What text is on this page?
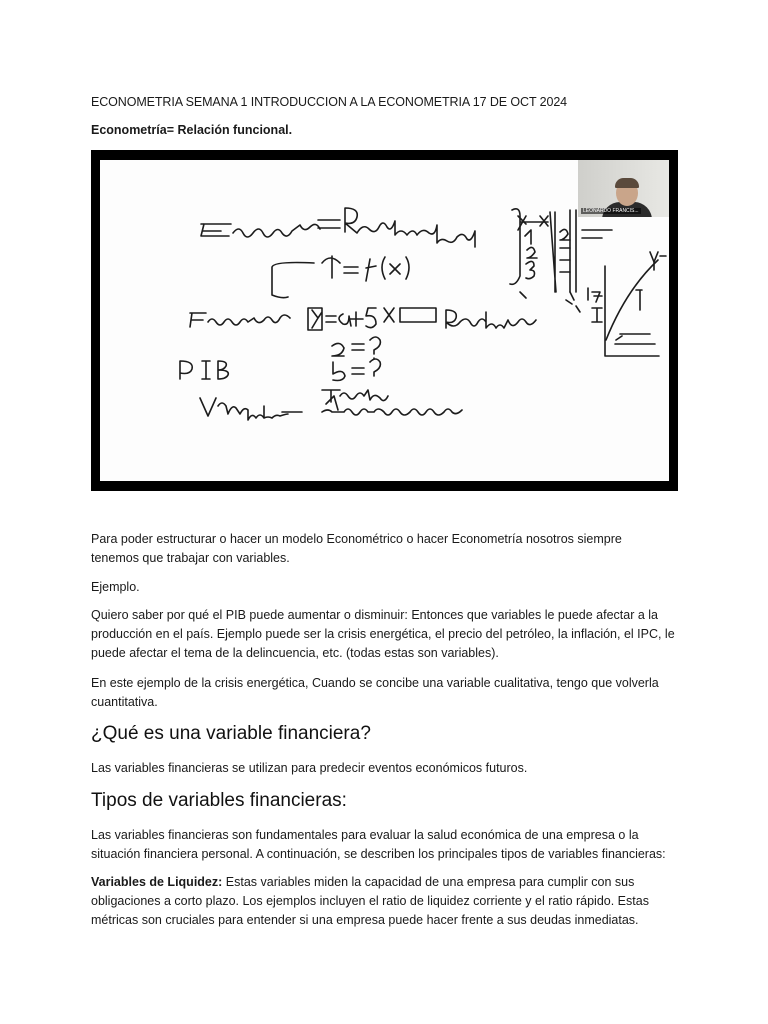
ECONOMETRIA SEMANA 1 INTRODUCCION A LA ECONOMETRIA 17 DE OCT 2024
Econometría= Relación funcional.
LEONARDO FRANCIS...
Para poder estructurar o hacer un modelo Econométrico o hacer Econometría nosotros siempre tenemos que trabajar con variables.
Ejemplo.
Quiero saber por qué el PIB puede aumentar o disminuir: Entonces que variables le puede afectar a la producción en el país. Ejemplo puede ser la crisis energética, el precio del petróleo, la inflación, el IPC, le puede afectar el tema de la delincuencia, etc. (todas estas son variables).
En este ejemplo de la crisis energética, Cuando se concibe una variable cualitativa, tengo que volverla cuantitativa.
¿Qué es una variable financiera?
Las variables financieras se utilizan para predecir eventos económicos futuros.
Tipos de variables financieras:
Las variables financieras son fundamentales para evaluar la salud económica de una empresa o la situación financiera personal. A continuación, se describen los principales tipos de variables financieras:
Variables de Liquidez: Estas variables miden la capacidad de una empresa para cumplir con sus obligaciones a corto plazo. Los ejemplos incluyen el ratio de liquidez corriente y el ratio rápido. Estas métricas son cruciales para entender si una empresa puede hacer frente a sus deudas inmediatas.
